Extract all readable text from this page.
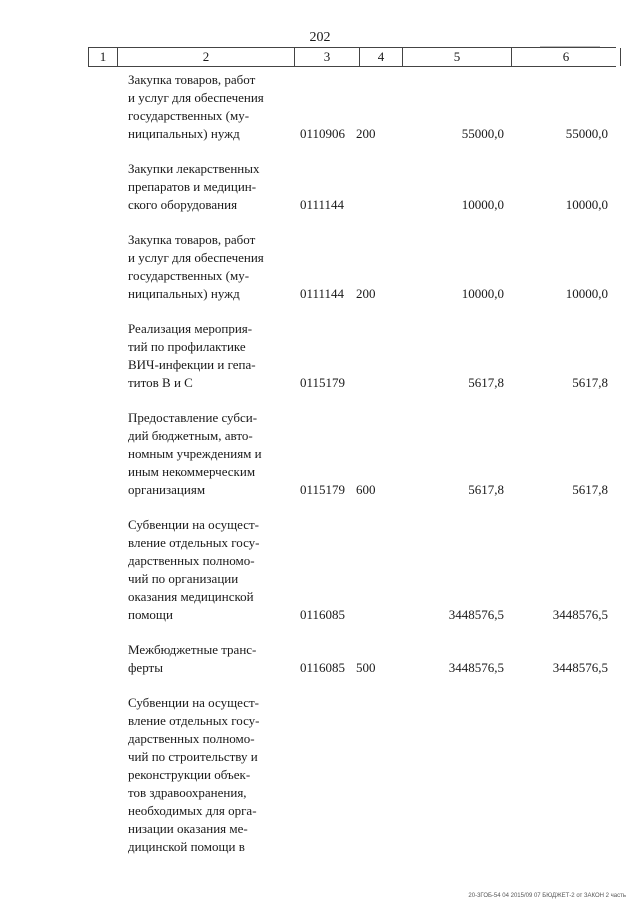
202
1	2	3	4	5	6
Закупка товаров, работ
и услуг для обеспечения
государственных (му-
ниципальных) нужд	0110906 200	55000,0	55000,0
Закупки лекарственных
препаратов и медицин-
ского оборудования	0111144	10000,0	10000,0
Закупка товаров, работ
и услуг для обеспечения
государственных (му-
ниципальных) нужд	0111144 200	10000,0	10000,0
Реализация мероприя-
тий по профилактике
ВИЧ-инфекции и гепа-
титов В и С	0115179	5617,8	5617,8
Предоставление субси-
дий бюджетным, авто-
номным учреждениям и
иным некоммерческим
организациям	0115179 600	5617,8	5617,8
Субвенции на осущест-
вление отдельных госу-
дарственных полномо-
чий по организации
оказания медицинской
помощи	0116085	3448576,5	3448576,5
Межбюджетные транс-
ферты	0116085 500	3448576,5	3448576,5
Субвенции на осущест-
вление отдельных госу-
дарственных полномо-
чий по строительству и
реконструкции объек-
тов здравоохранения,
необходимых для орга-
низации оказания ме-
дицинской помощи в
20-3ГОБ-54 04 2015/09 07 БЮДЖЕТ-2 от ЗАКОН 2 часть
